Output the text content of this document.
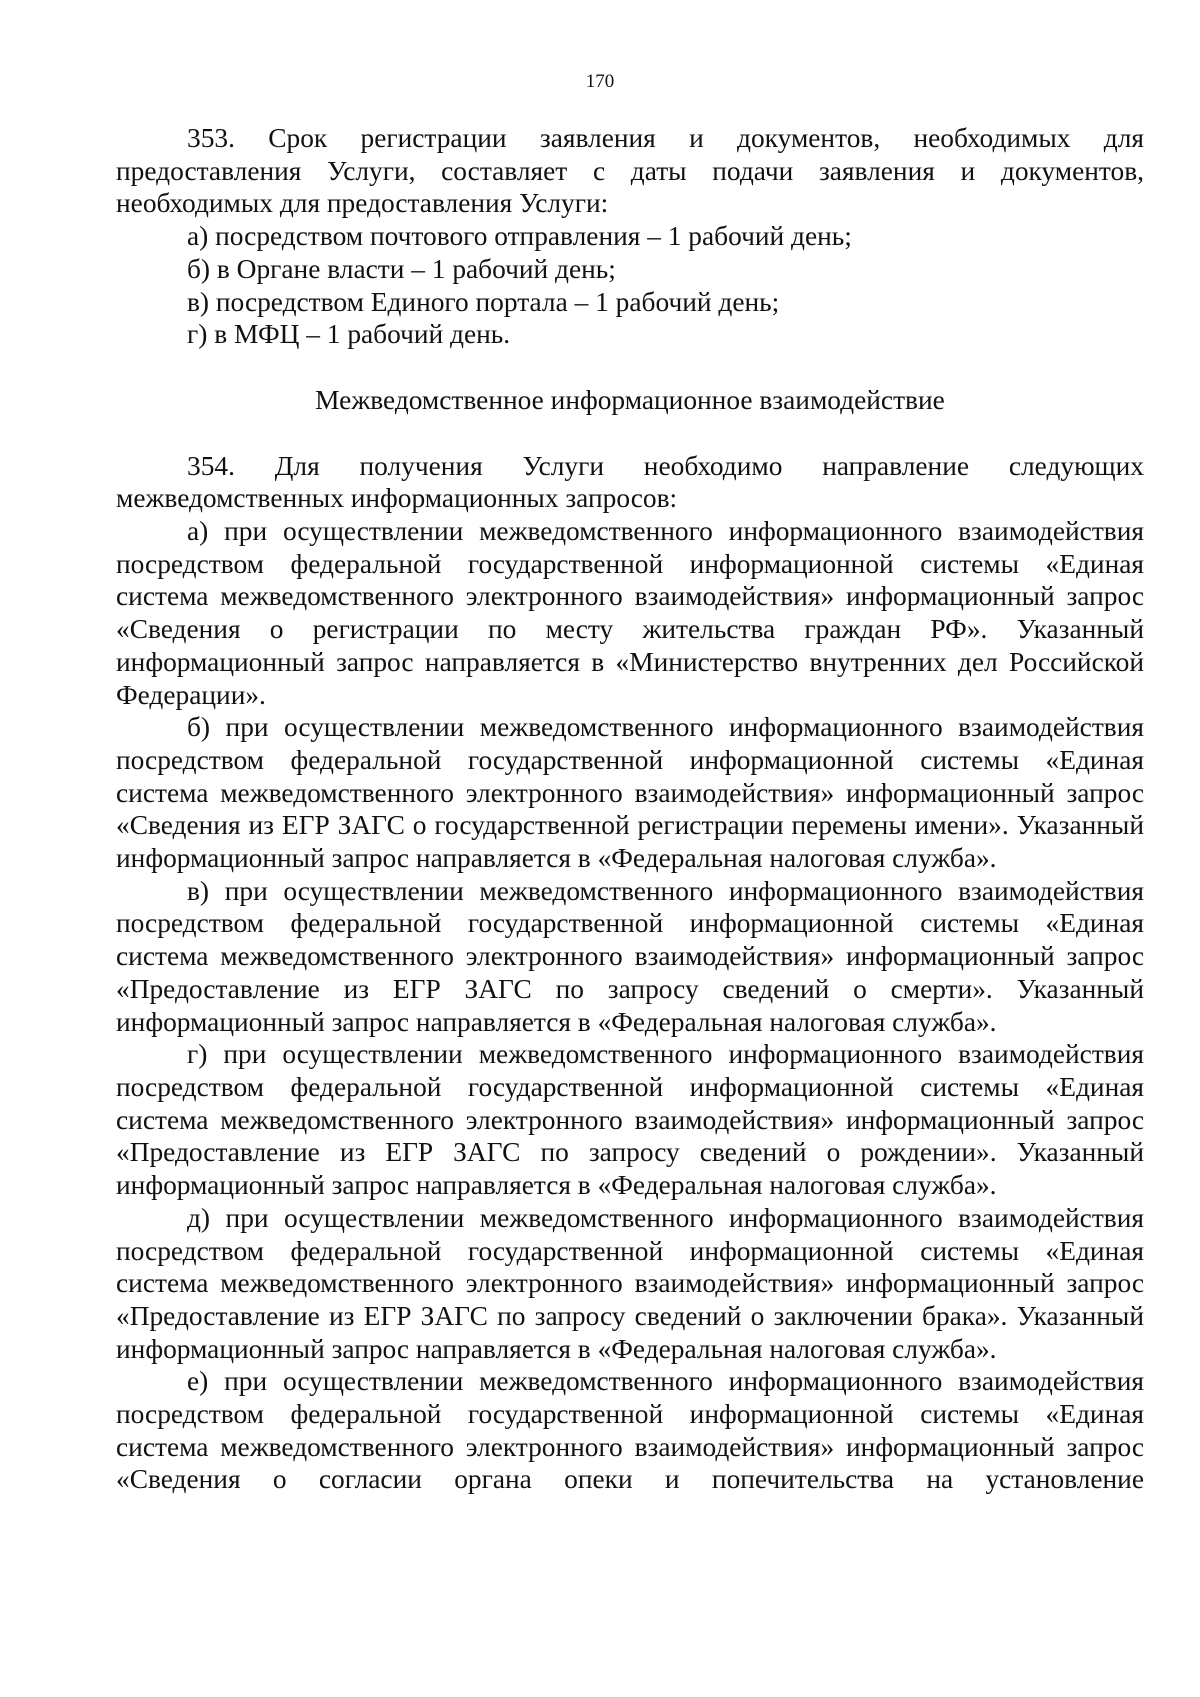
170

353. Срок регистрации заявления и документов, необходимых для предоставления Услуги, составляет с даты подачи заявления и документов, необходимых для предоставления Услуги:

а) посредством почтового отправления – 1 рабочий день;

б) в Органе власти – 1 рабочий день;

в) посредством Единого портала – 1 рабочий день;

г) в МФЦ – 1 рабочий день.

Межведомственное информационное взаимодействие

354. Для получения Услуги необходимо направление следующих межведомственных информационных запросов:

а) при осуществлении межведомственного информационного взаимодействия посредством федеральной государственной информационной системы «Единая система межведомственного электронного взаимодействия» информационный запрос «Сведения о регистрации по месту жительства граждан РФ». Указанный информационный запрос направляется в «Министерство внутренних дел Российской Федерации».

б) при осуществлении межведомственного информационного взаимодействия посредством федеральной государственной информационной системы «Единая система межведомственного электронного взаимодействия» информационный запрос «Сведения из ЕГР ЗАГС о государственной регистрации перемены имени». Указанный информационный запрос направляется в «Федеральная налоговая служба».

в) при осуществлении межведомственного информационного взаимодействия посредством федеральной государственной информационной системы «Единая система межведомственного электронного взаимодействия» информационный запрос «Предоставление из ЕГР ЗАГС по запросу сведений о смерти». Указанный информационный запрос направляется в «Федеральная налоговая служба».

г) при осуществлении межведомственного информационного взаимодействия посредством федеральной государственной информационной системы «Единая система межведомственного электронного взаимодействия» информационный запрос «Предоставление из ЕГР ЗАГС по запросу сведений о рождении». Указанный информационный запрос направляется в «Федеральная налоговая служба».

д) при осуществлении межведомственного информационного взаимодействия посредством федеральной государственной информационной системы «Единая система межведомственного электронного взаимодействия» информационный запрос «Предоставление из ЕГР ЗАГС по запросу сведений о заключении брака». Указанный информационный запрос направляется в «Федеральная налоговая служба».

е) при осуществлении межведомственного информационного взаимодействия посредством федеральной государственной информационной системы «Единая система межведомственного электронного взаимодействия» информационный запрос «Сведения о согласии органа опеки и попечительства на установление
